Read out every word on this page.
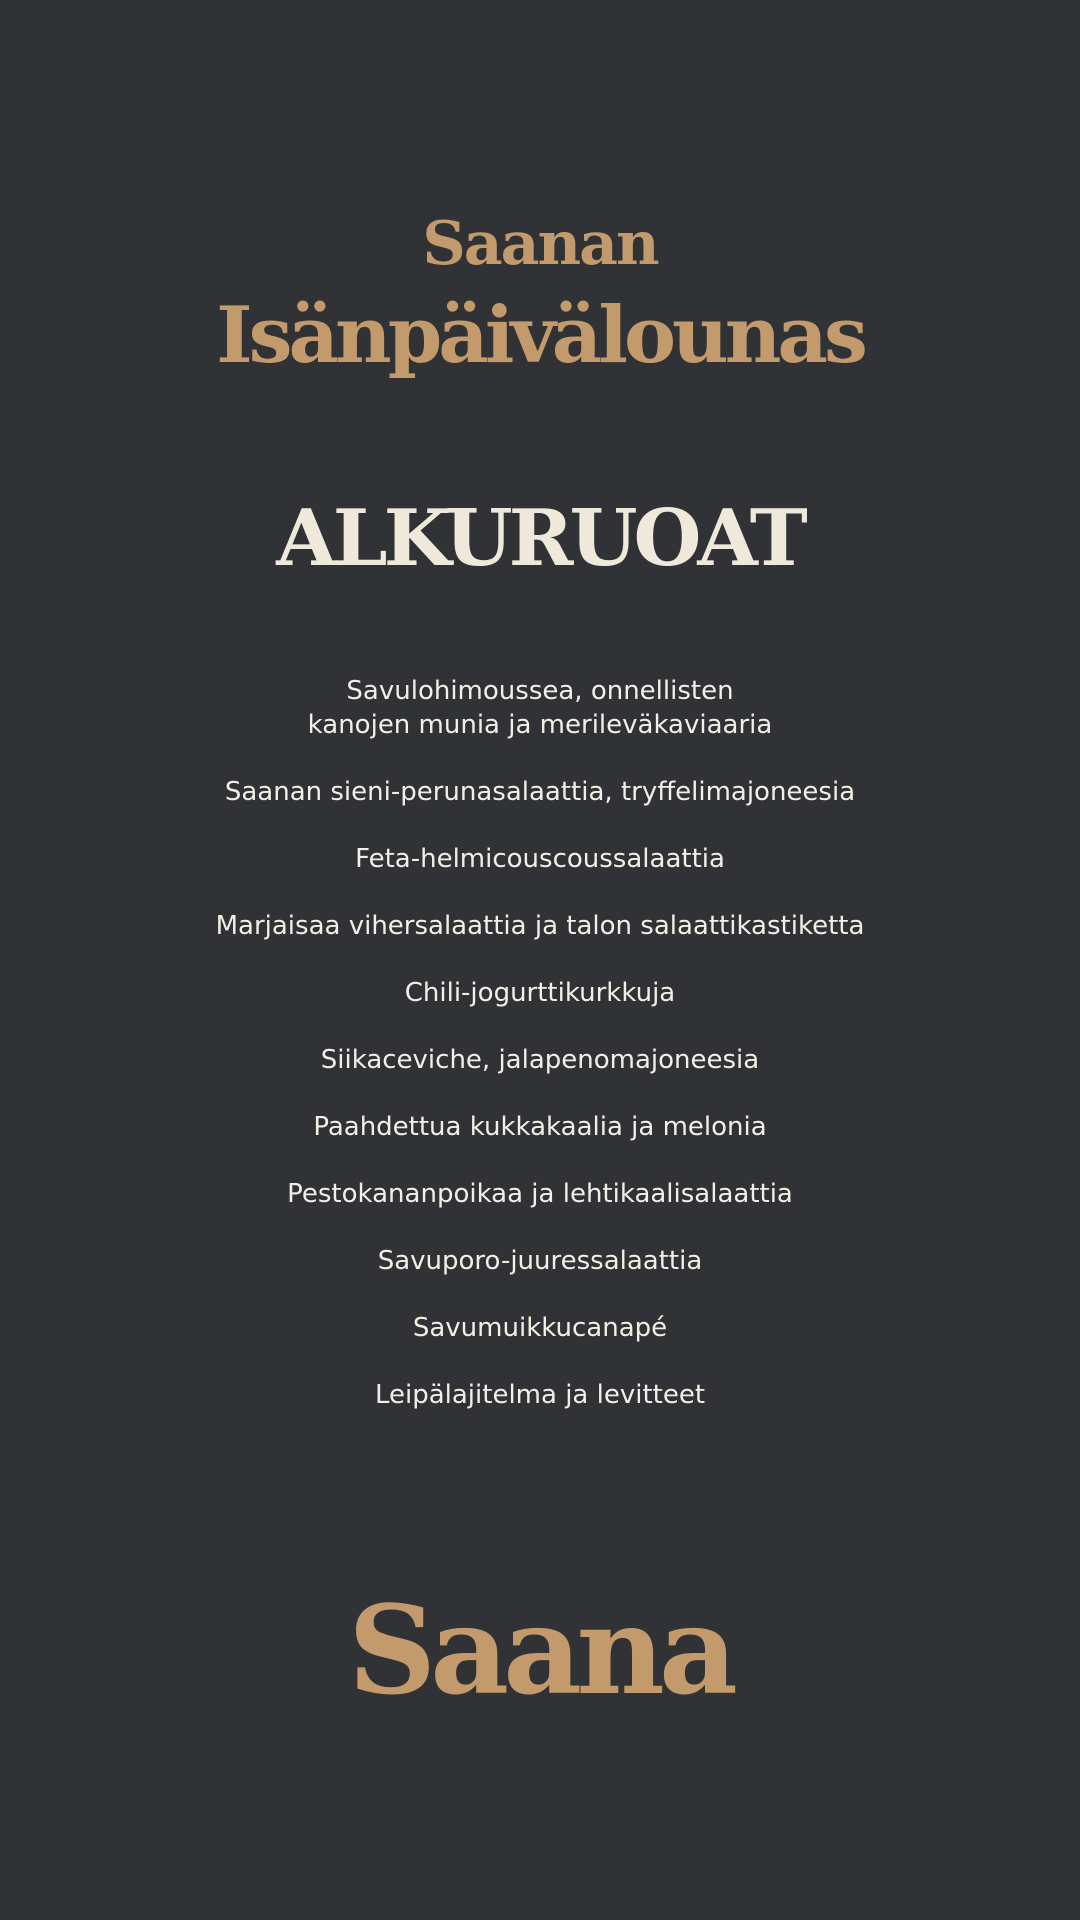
Saanan
Isänpäivälounas
ALKURUOAT
Savulohimoussea, onnellisten
kanojen munia ja merileväkaviaaria
Saanan sieni-perunasalaattia, tryffelimajoneesia
Feta-helmicouscoussalaattia
Marjaisaa vihersalaattia ja talon salaattikastiketta
Chili-jogurttikurkkuja
Siikaceviche, jalapenomajoneesia
Paahdettua kukkakaalia ja melonia
Pestokananpoikaa ja lehtikaalisalaattia
Savuporo-juuressalaattia
Savumuikkucanapé
Leipälajitelma ja levitteet
Saana
